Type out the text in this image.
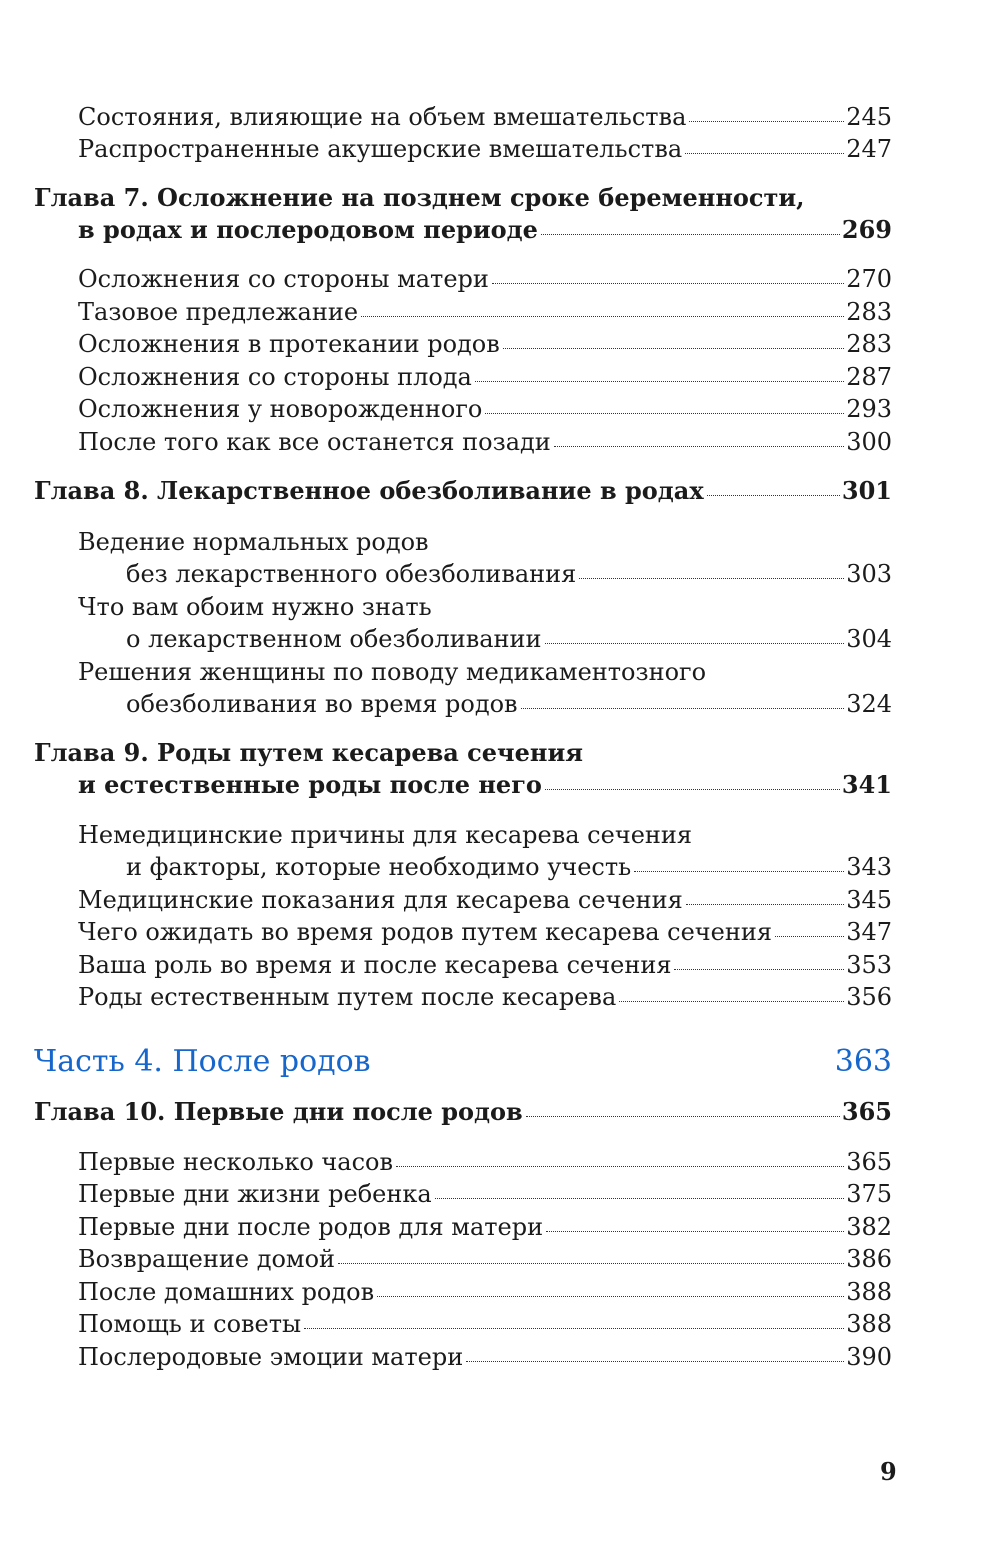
Состояния, влияющие на объем вмешательства	245
Распространенные акушерские вмешательства	247
Глава 7. Осложнение на позднем сроке беременности,
в родах и послеродовом периоде	269
Осложнения со стороны матери	270
Тазовое предлежание	283
Осложнения в протекании родов	283
Осложнения со стороны плода	287
Осложнения у новорожденного	293
После того как все останется позади	300
Глава 8. Лекарственное обезболивание в родах	301
Ведение нормальных родов
без лекарственного обезболивания	303
Что вам обоим нужно знать
о лекарственном обезболивании	304
Решения женщины по поводу медикаментозного
обезболивания во время родов	324
Глава 9. Роды путем кесарева сечения
и естественные роды после него	341
Немедицинские причины для кесарева сечения
и факторы, которые необходимо учесть	343
Медицинские показания для кесарева сечения	345
Чего ожидать во время родов путем кесарева сечения	347
Ваша роль во время и после кесарева сечения	353
Роды естественным путем после кесарева	356
Часть 4. После родов	363
Глава 10. Первые дни после родов	365
Первые несколько часов	365
Первые дни жизни ребенка	375
Первые дни после родов для матери	382
Возвращение домой	386
После домашних родов	388
Помощь и советы	388
Послеродовые эмоции матери	390
9
